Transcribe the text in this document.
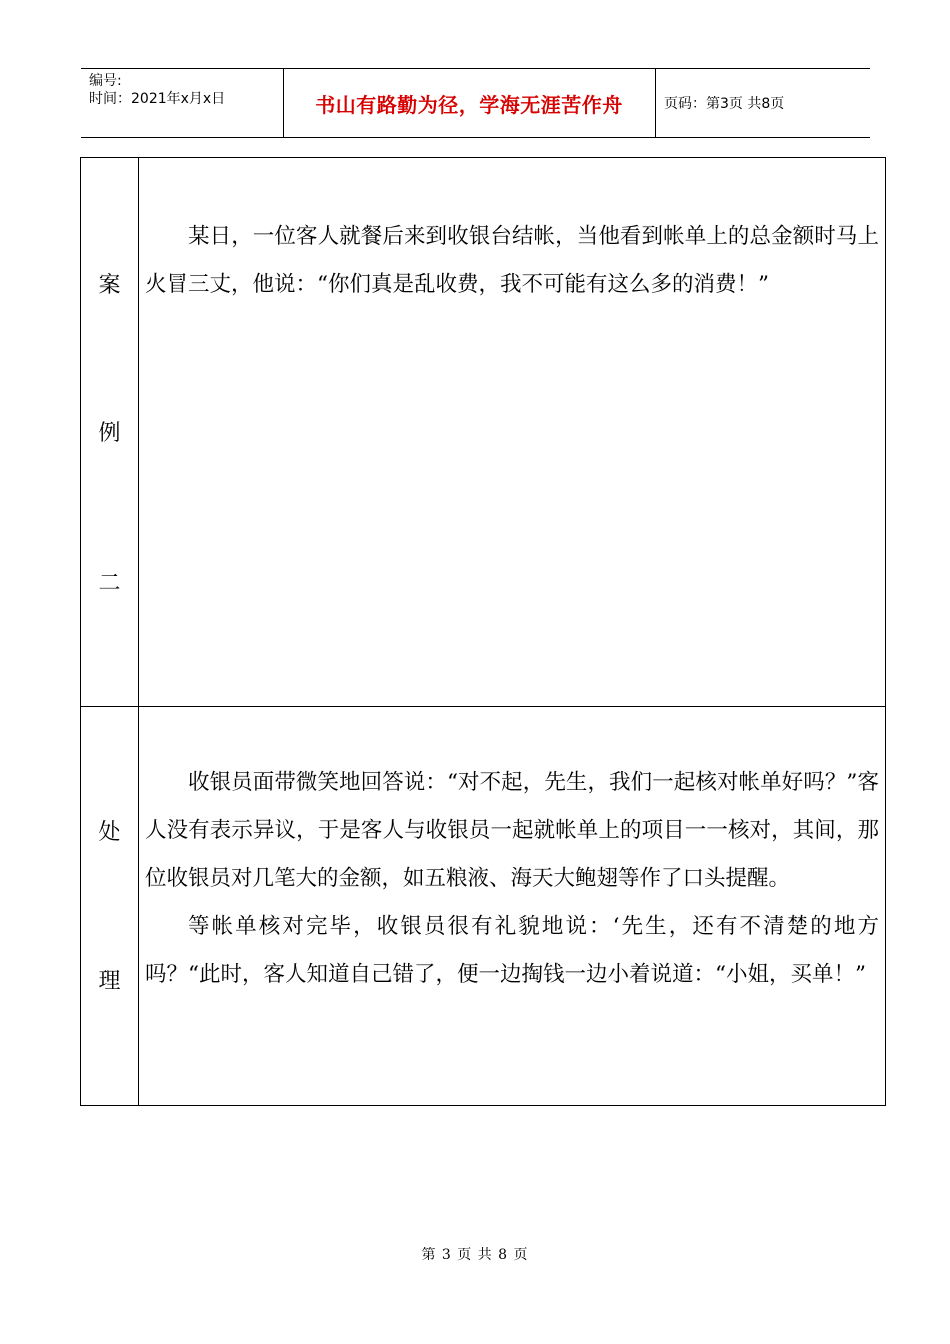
编号:
时间：2021年x月x日	书山有路勤为径，学海无涯苦作舟	页码：第3页 共8页
案
例
二

某日，一位客人就餐后来到收银台结帐，当他看到帐单上的总金额时马上火冒三丈，他说：“你们真是乱收费，我不可能有这么多的消费！”

处
理

收银员面带微笑地回答说：“对不起，先生，我们一起核对帐单好吗？”客人没有表示异议，于是客人与收银员一起就帐单上的项目一一核对，其间，那位收银员对几笔大的金额，如五粮液、海天大鲍翅等作了口头提醒。

等帐单核对完毕，收银员很有礼貌地说：‘先生，还有不清楚的地方吗？“此时，客人知道自己错了，便一边掏钱一边小着说道：“小姐，买单！”

第 3 页 共 8 页
